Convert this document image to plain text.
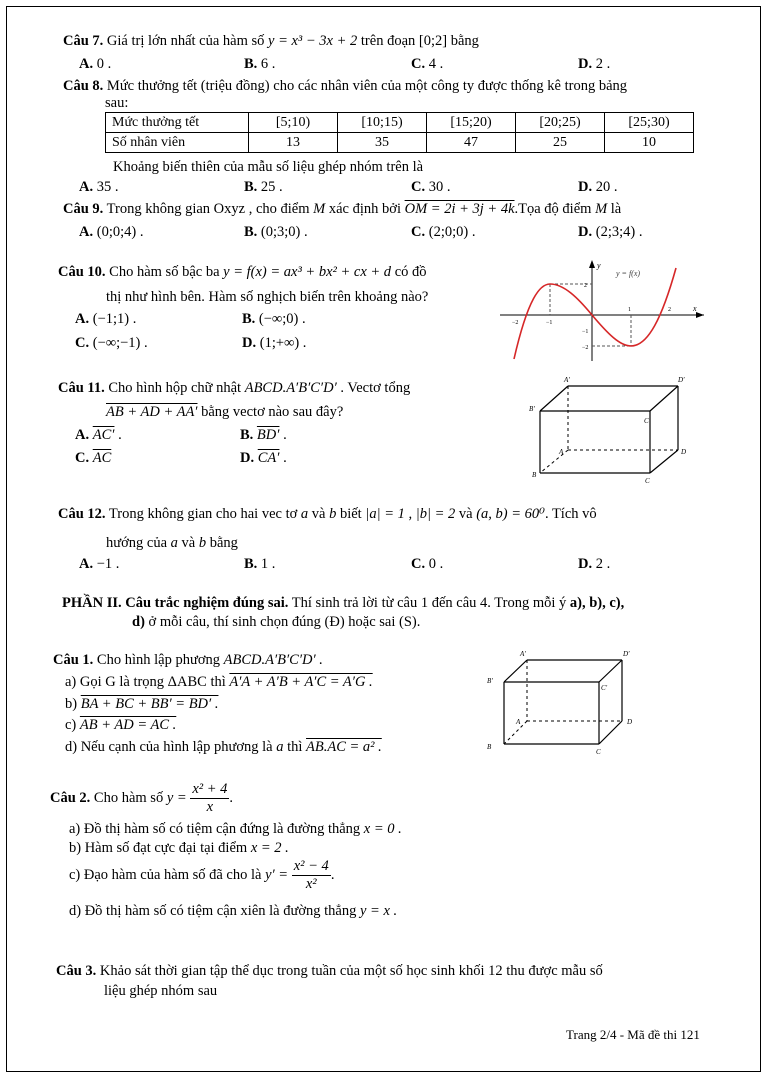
Câu 7. Giá trị lớn nhất của hàm số y = x³ − 3x + 2 trên đoạn [0;2] bằng
A. 0 .	B. 6 .	C. 4 .	D. 2 .
Câu 8. Mức thưởng tết (triệu đồng) cho các nhân viên của một công ty được thống kê trong bảng
sau:
Mức thưởng tết	[5;10)	[10;15)	[15;20)	[20;25)	[25;30)
Số nhân viên	13	35	47	25	10
Khoảng biến thiên của mẫu số liệu ghép nhóm trên là
A. 35 .	B. 25 .	C. 30 .	D. 20 .
Câu 9. Trong không gian Oxyz , cho điểm M xác định bởi OM = 2i + 3j + 4k.Tọa độ điểm M là
A. (0;0;4) .	B. (0;3;0) .	C. (2;0;0) .	D. (2;3;4) .
Câu 10. Cho hàm số bậc ba y = f(x) = ax³ + bx² + cx + d có đồ
thị như hình bên. Hàm số nghịch biến trên khoảng nào?
A. (−1;1) .	B. (−∞;0) .
C. (−∞;−1) .	D. (1;+∞) .
y
x
y = f(x)
2
−1
−2
−2	−1
1	2
Câu 11. Cho hình hộp chữ nhật ABCD.A′B′C′D′ . Vectơ tổng
AB + AD + AA′ bằng vectơ nào sau đây?
A. AC′ .	B. BD′ .
C. $\overline{AC}$	D. CA′ .
A′	D′
B′
C′
A	D
B
C
Câu 12. Trong không gian cho hai vec tơ a và b biết |a| = 1 , |b| = 2 và (a, b) = 60⁰. Tích vô
hướng của a và b bằng
A. −1 .	B. 1 .	C. 0 .	D. 2 .
PHẦN II. Câu trắc nghiệm đúng sai. Thí sinh trả lời từ câu 1 đến câu 4. Trong mỗi ý a), b), c),
d) ở mỗi câu, thí sinh chọn đúng (Đ) hoặc sai (S).
Câu 1. Cho hình lập phương ABCD.A′B′C′D′ .
a) Gọi G là trọng ΔABC thì A′A + A′B + A′C = A′G .
b) BA + BC + BB′ = BD′ .
c) AB + AD = AC .
d) Nếu cạnh của hình lập phương là a thì AB.AC = a² .
A′	D′
B′
C′
A	D
B
C
Câu 2. Cho hàm số $y = \frac{\text{x² + 4}}{x}$ .
a) Đồ thị hàm số có tiệm cận đứng là đường thẳng x = 0 .
b) Hàm số đạt cực đại tại điểm x = 2 .
c) Đạo hàm của hàm số đã cho là $y' = \frac{\text{x² − 4}}{\text{x²}}$ .
d) Đồ thị hàm số có tiệm cận xiên là đường thẳng y = x .
Câu 3. Khảo sát thời gian tập thể dục trong tuần của một số học sinh khối 12 thu được mẫu số
liệu ghép nhóm sau
Trang 2/4 - Mã đề thi 121
